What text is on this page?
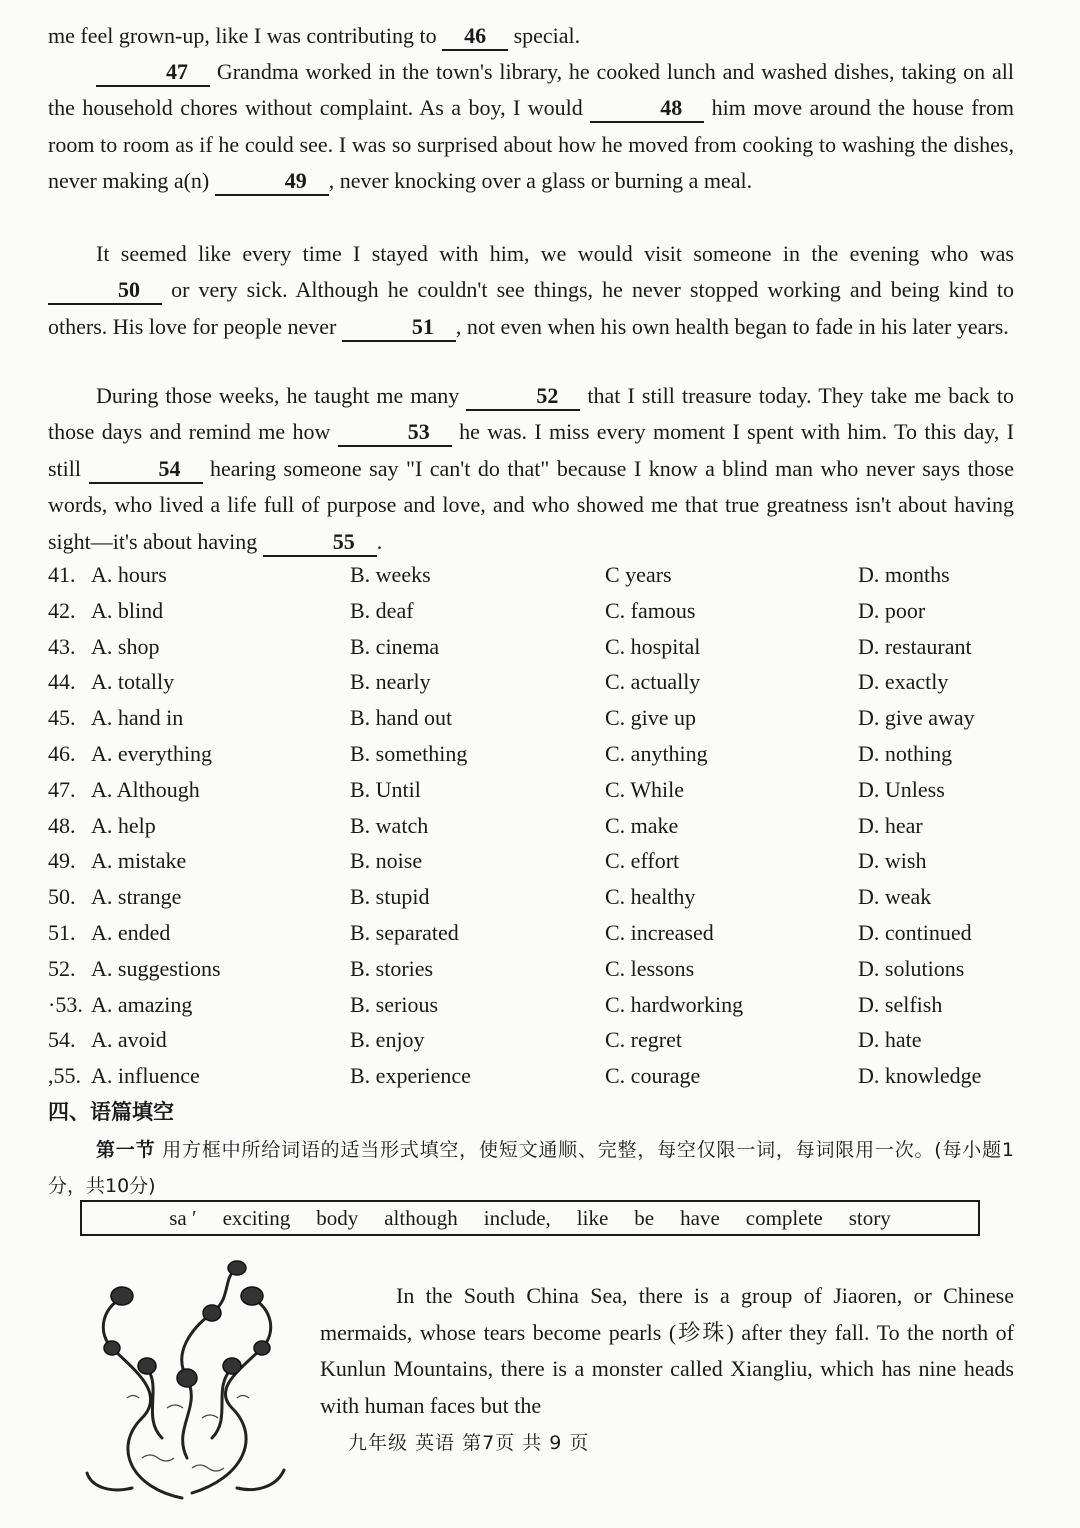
me feel grown-up, like I was contributing to 46 special.

47 Grandma worked in the town's library, he cooked lunch and washed dishes, taking on all the household chores without complaint. As a boy, I would	48 him move around the house from room to room as if he could see. I was so surprised about how he moved from cooking to washing the dishes, never making a(n)	49 , never knocking over a glass or burning a meal.

It seemed like every time I stayed with him, we would visit someone in the evening who was 50 or very sick. Although he couldn't see things, he never stopped working and being kind to others. His love for people never	51 , not even when his own health began to fade in his later years.

During those weeks, he taught me many	52 that I still treasure today. They take me back to those days and remind me how	53 he was. I miss every moment I spent with him. To this day, I still	54 hearing someone say "I can't do that" because I know a blind man who never says those words, who lived a life full of purpose and love, and who showed me that true greatness isn't about having sight—it's about having	55 .

41. A. hours	B. weeks	C years	D. months
42. A. blind	B. deaf	C. famous	D. poor
43. A. shop	B. cinema	C. hospital	D. restaurant
44. A. totally	B. nearly	C. actually	D. exactly
45. A. hand in	B. hand out	C. give up	D. give away
46. A. everything	B. something	C. anything	D. nothing
47. A. Although	B. Until	C. While	D. Unless
48. A. help	B. watch	C. make	D. hear
49. A. mistake	B. noise	C. effort	D. wish
50. A. strange	B. stupid	C. healthy	D. weak
51. A. ended	B. separated	C. increased	D. continued
52. A. suggestions	B. stories	C. lessons	D. solutions
·53. A. amazing	B. serious	C. hardworking	D. selfish
54. A. avoid	B. enjoy	C. regret	D. hate
,55. A. influence	B. experience	C. courage	D. knowledge
四、语篇填空
第一节 用方框中所给词语的适当形式填空，使短文通顺、完整，每空仅限一词，每词限用一次。(每小题1分，共10分)
sa ′ exciting body although include, like be have complete story

In the South China Sea, there is a group of Jiaoren, or Chinese mermaids, whose tears become pearls (珍珠) after they fall. To the north of Kunlun Mountains, there is a monster called Xiangliu, which has nine heads with human faces but the

九年级 英语 第7页 共 9 页
